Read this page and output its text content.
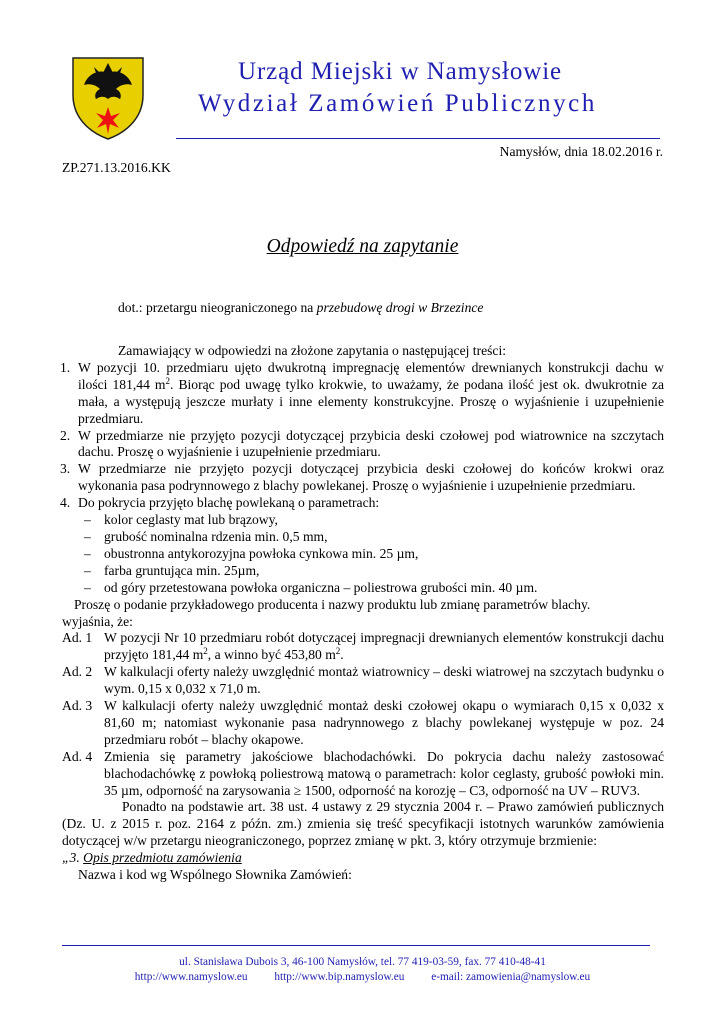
Urząd Miejski w Namysłowie
Wydział Zamówień Publicznych
Namysłów, dnia 18.02.2016 r.
ZP.271.13.2016.KK
Odpowiedź na zapytanie
dot.: przetargu nieograniczonego na przebudowę drogi w Brzezince

Zamawiający w odpowiedzi na złożone zapytania o następującej treści:

1. W pozycji 10. przedmiaru ujęto dwukrotną impregnację elementów drewnianych konstrukcji dachu w ilości 181,44 $m^2$. Biorąc pod uwagę tylko krokwie, to uważamy, że podana ilość jest ok. dwukrotnie za mała, a występują jeszcze murłaty i inne elementy konstrukcyjne. Proszę o wyjaśnienie i uzupełnienie przedmiaru.
2. W przedmiarze nie przyjęto pozycji dotyczącej przybicia deski czołowej pod wiatrownice na szczytach dachu. Proszę o wyjaśnienie i uzupełnienie przedmiaru.
3. W przedmiarze nie przyjęto pozycji dotyczącej przybicia deski czołowej do końców krokwi oraz wykonania pasa podrynnowego z blachy powlekanej. Proszę o wyjaśnienie i uzupełnienie przedmiaru.
4. Do pokrycia przyjęto blachę powlekaną o parametrach:
– kolor ceglasty mat lub brązowy,
– grubość nominalna rdzenia min. 0,5 mm,
– obustronna antykorozyjna powłoka cynkowa min. 25 µm,
– farba gruntująca min. 25µm,
– od góry przetestowana powłoka organiczna – poliestrowa grubości min. 40 µm.

Proszę o podanie przykładowego producenta i nazwy produktu lub zmianę parametrów blachy.

wyjaśnia, że:

Ad. 1 W pozycji Nr 10 przedmiaru robót dotyczącej impregnacji drewnianych elementów konstrukcji dachu przyjęto 181,44 $m^2$, a winno być 453,80 $m^2$.
Ad. 2 W kalkulacji oferty należy uwzględnić montaż wiatrownicy – deski wiatrowej na szczytach budynku o wym. 0,15 x 0,032 x 71,0 m.
Ad. 3 W kalkulacji oferty należy uwzględnić montaż deski czołowej okapu o wymiarach 0,15 x 0,032 x 81,60 m; natomiast wykonanie pasa nadrynnowego z blachy powlekanej występuje w poz. 24 przedmiaru robót – blachy okapowe.
Ad. 4 Zmienia się parametry jakościowe blachodachówki. Do pokrycia dachu należy zastosować blachodachówkę z powłoką poliestrową matową o parametrach: kolor ceglasty, grubość powłoki min. 35 µm, odporność na zarysowania ≥ 1500, odporność na korozję – C3, odporność na UV – RUV3.

Ponadto na podstawie art. 38 ust. 4 ustawy z 29 stycznia 2004 r. – Prawo zamówień publicznych (Dz. U. z 2015 r. poz. 2164 z późn. zm.) zmienia się treść specyfikacji istotnych warunków zamówienia dotyczącej w/w przetargu nieograniczonego, poprzez zmianę w pkt. 3, który otrzymuje brzmienie:

„3. Opis przedmiotu zamówienia

Nazwa i kod wg Wspólnego Słownika Zamówień:

ul. Stanisława Dubois 3, 46-100 Namysłów, tel. 77 419-03-59, fax. 77 410-48-41
http://www.namyslow.eu http://www.bip.namyslow.eu e-mail: zamowienia@namyslow.eu
